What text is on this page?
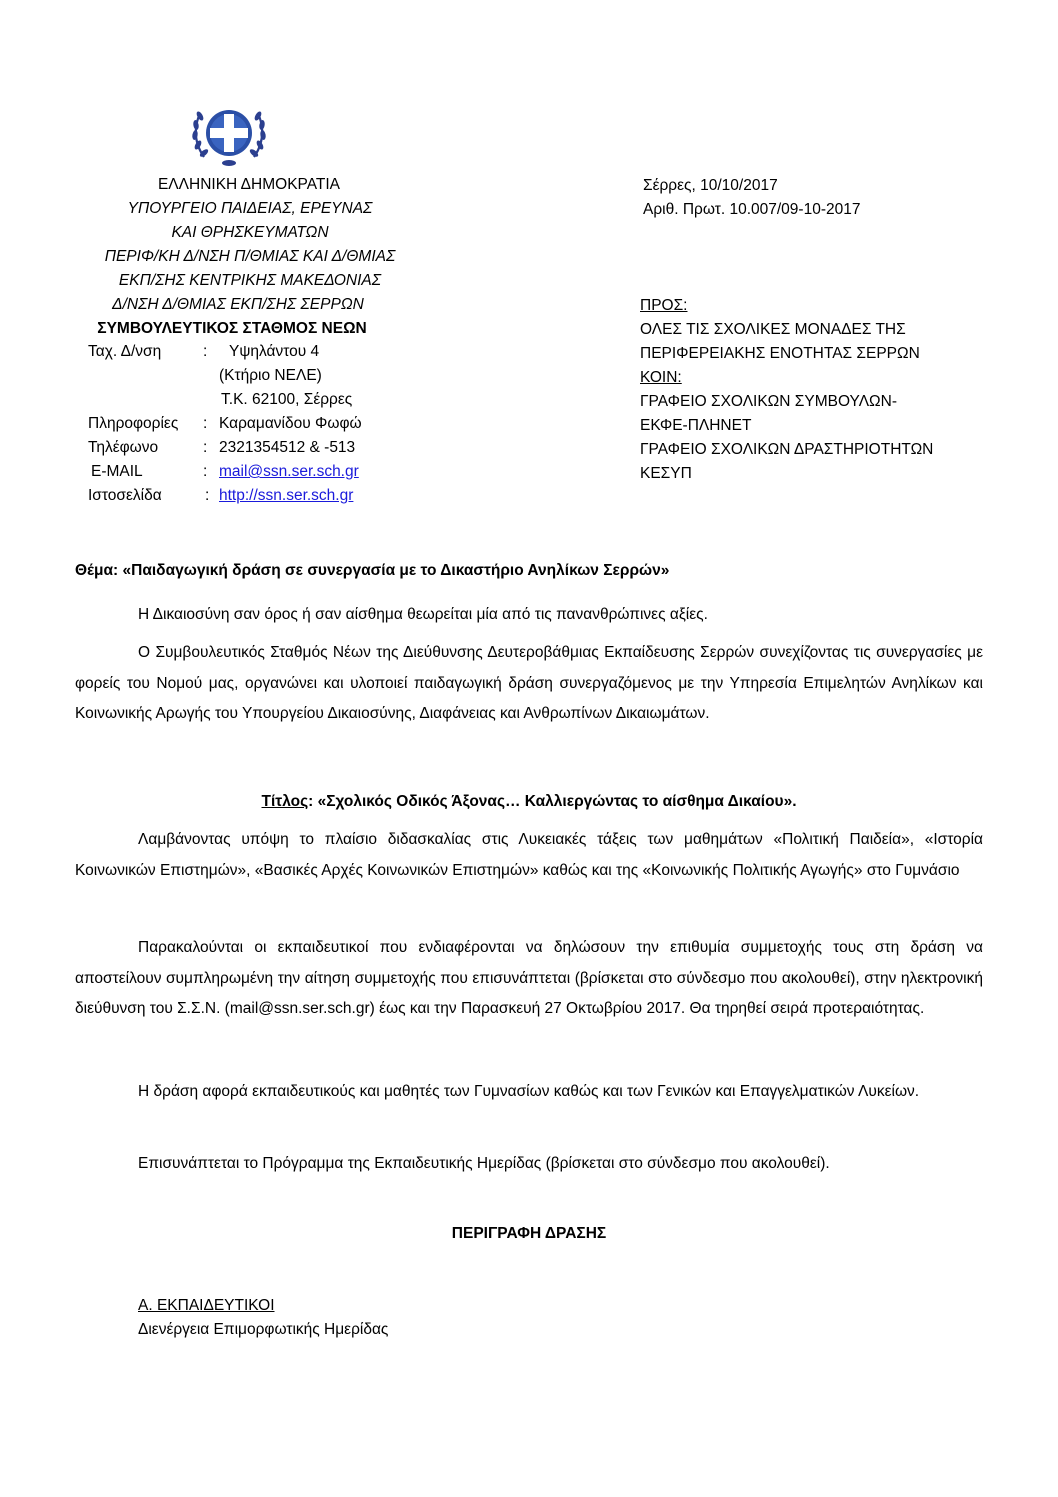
ΕΛΛΗΝΙΚΗ ΔΗΜΟΚΡΑΤΙΑ
ΥΠΟΥΡΓΕΙΟ ΠΑΙΔΕΙΑΣ, ΕΡΕΥΝΑΣ
ΚΑΙ ΘΡΗΣΚΕΥΜΑΤΩΝ
ΠΕΡΙΦ/ΚΗ Δ/ΝΣΗ Π/ΘΜΙΑΣ ΚΑΙ Δ/ΘΜΙΑΣ
ΕΚΠ/ΣΗΣ ΚΕΝΤΡΙΚΗΣ ΜΑΚΕΔΟΝΙΑΣ
Δ/ΝΣΗ Δ/ΘΜΙΑΣ ΕΚΠ/ΣΗΣ ΣΕΡΡΩΝ
ΣΥΜΒΟΥΛΕΥΤΙΚΟΣ ΣΤΑΘΜΟΣ ΝΕΩΝ
Ταχ. Δ/νση	: Υψηλάντου 4
(Κτήριο ΝΕΛΕ)
Τ.Κ. 62100, Σέρρες
Πληροφορίες : Καραμανίδου Φωφώ
Τηλέφωνο	: 2321354512 & -513
E-MAIL	: mail@ssn.ser.sch.gr
Ιστοσελίδα	: http://ssn.ser.sch.gr
Σέρρες, 10/10/2017
Αριθ. Πρωτ. 10.007/09-10-2017
ΠΡΟΣ:
ΟΛΕΣ ΤΙΣ ΣΧΟΛΙΚΕΣ ΜΟΝΑΔΕΣ ΤΗΣ
ΠΕΡΙΦΕΡΕΙΑΚΗΣ ΕΝΟΤΗΤΑΣ ΣΕΡΡΩΝ
ΚΟΙΝ:
ΓΡΑΦΕΙΟ ΣΧΟΛΙΚΩΝ ΣΥΜΒΟΥΛΩΝ-
ΕΚΦΕ-ΠΛΗΝΕΤ
ΓΡΑΦΕΙΟ ΣΧΟΛΙΚΩΝ ΔΡΑΣΤΗΡΙΟΤΗΤΩΝ
ΚΕΣΥΠ
Θέμα: «Παιδαγωγική δράση σε συνεργασία με το Δικαστήριο Ανηλίκων Σερρών»
Η Δικαιοσύνη σαν όρος ή σαν αίσθημα θεωρείται μία από τις πανανθρώπινες αξίες.
Ο Συμβουλευτικός Σταθμός Νέων της Διεύθυνσης Δευτεροβάθμιας Εκπαίδευσης Σερρών συνεχίζοντας τις συνεργασίες με φορείς του Νομού μας, οργανώνει και υλοποιεί παιδαγωγική δράση συνεργαζόμενος με την Υπηρεσία Επιμελητών Ανηλίκων και Κοινωνικής Αρωγής του Υπουργείου Δικαιοσύνης, Διαφάνειας και Ανθρωπίνων Δικαιωμάτων.
Τίτλος: «Σχολικός Οδικός Άξονας… Καλλιεργώντας το αίσθημα Δικαίου».
Λαμβάνοντας υπόψη το πλαίσιο διδασκαλίας στις Λυκειακές τάξεις των μαθημάτων «Πολιτική Παιδεία», «Ιστορία Κοινωνικών Επιστημών», «Βασικές Αρχές Κοινωνικών Επιστημών» καθώς και της «Κοινωνικής Πολιτικής Αγωγής» στο Γυμνάσιο
Παρακαλούνται οι εκπαιδευτικοί που ενδιαφέρονται να δηλώσουν την επιθυμία συμμετοχής τους στη δράση να αποστείλουν συμπληρωμένη την αίτηση συμμετοχής που επισυνάπτεται (βρίσκεται στο σύνδεσμο που ακολουθεί), στην ηλεκτρονική διεύθυνση του Σ.Σ.Ν. (mail@ssn.ser.sch.gr) έως και την Παρασκευή 27 Οκτωβρίου 2017. Θα τηρηθεί σειρά προτεραιότητας.
Η δράση αφορά εκπαιδευτικούς και μαθητές των Γυμνασίων καθώς και των Γενικών και Επαγγελματικών Λυκείων.
Επισυνάπτεται το Πρόγραμμα της Εκπαιδευτικής Ημερίδας (βρίσκεται στο σύνδεσμο που ακολουθεί).
ΠΕΡΙΓΡΑΦΗ ΔΡΑΣΗΣ
Α. ΕΚΠΑΙΔΕΥΤΙΚΟΙ
Διενέργεια Επιμορφωτικής Ημερίδας
